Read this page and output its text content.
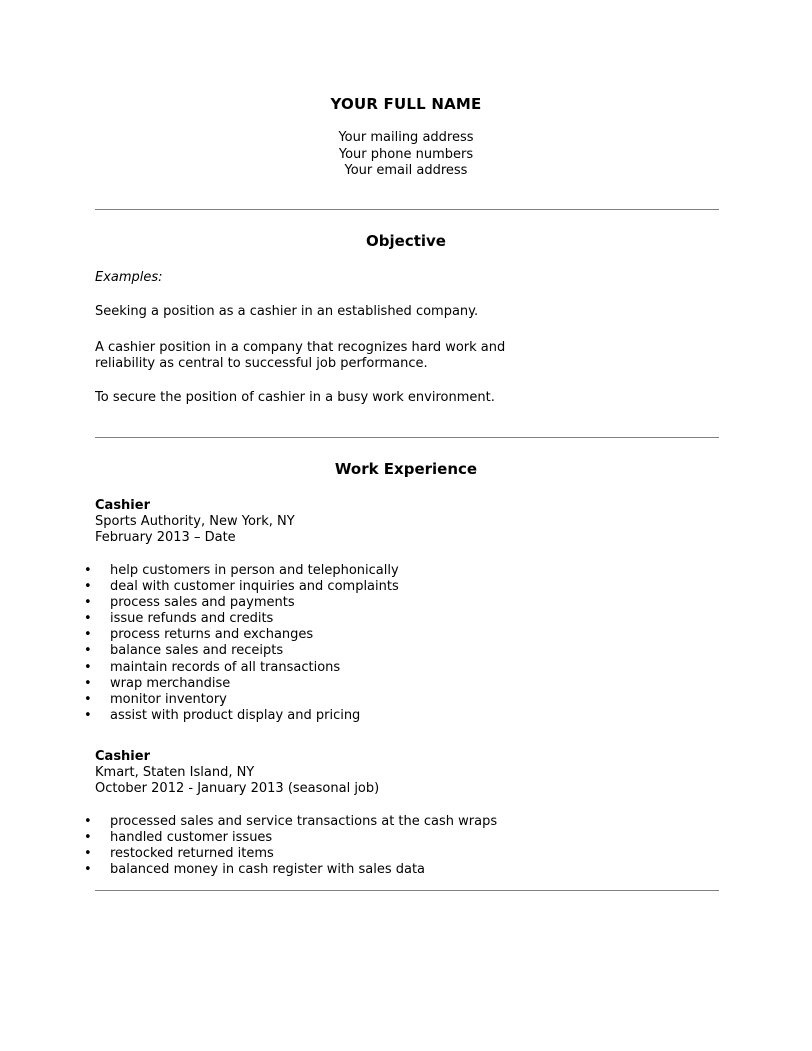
YOUR FULL NAME
Your mailing address
Your phone numbers
Your email address
Objective
Examples:
Seeking a position as a cashier in an established company.
A cashier position in a company that recognizes hard work and
reliability as central to successful job performance.
To secure the position of cashier in a busy work environment.
Work Experience
Cashier
Sports Authority, New York, NY
February 2013 – Date
• help customers in person and telephonically
• deal with customer inquiries and complaints
• process sales and payments
• issue refunds and credits
• process returns and exchanges
• balance sales and receipts
• maintain records of all transactions
• wrap merchandise
• monitor inventory
• assist with product display and pricing
Cashier
Kmart, Staten Island, NY
October 2012 - January 2013 (seasonal job)
• processed sales and service transactions at the cash wraps
• handled customer issues
• restocked returned items
• balanced money in cash register with sales data
